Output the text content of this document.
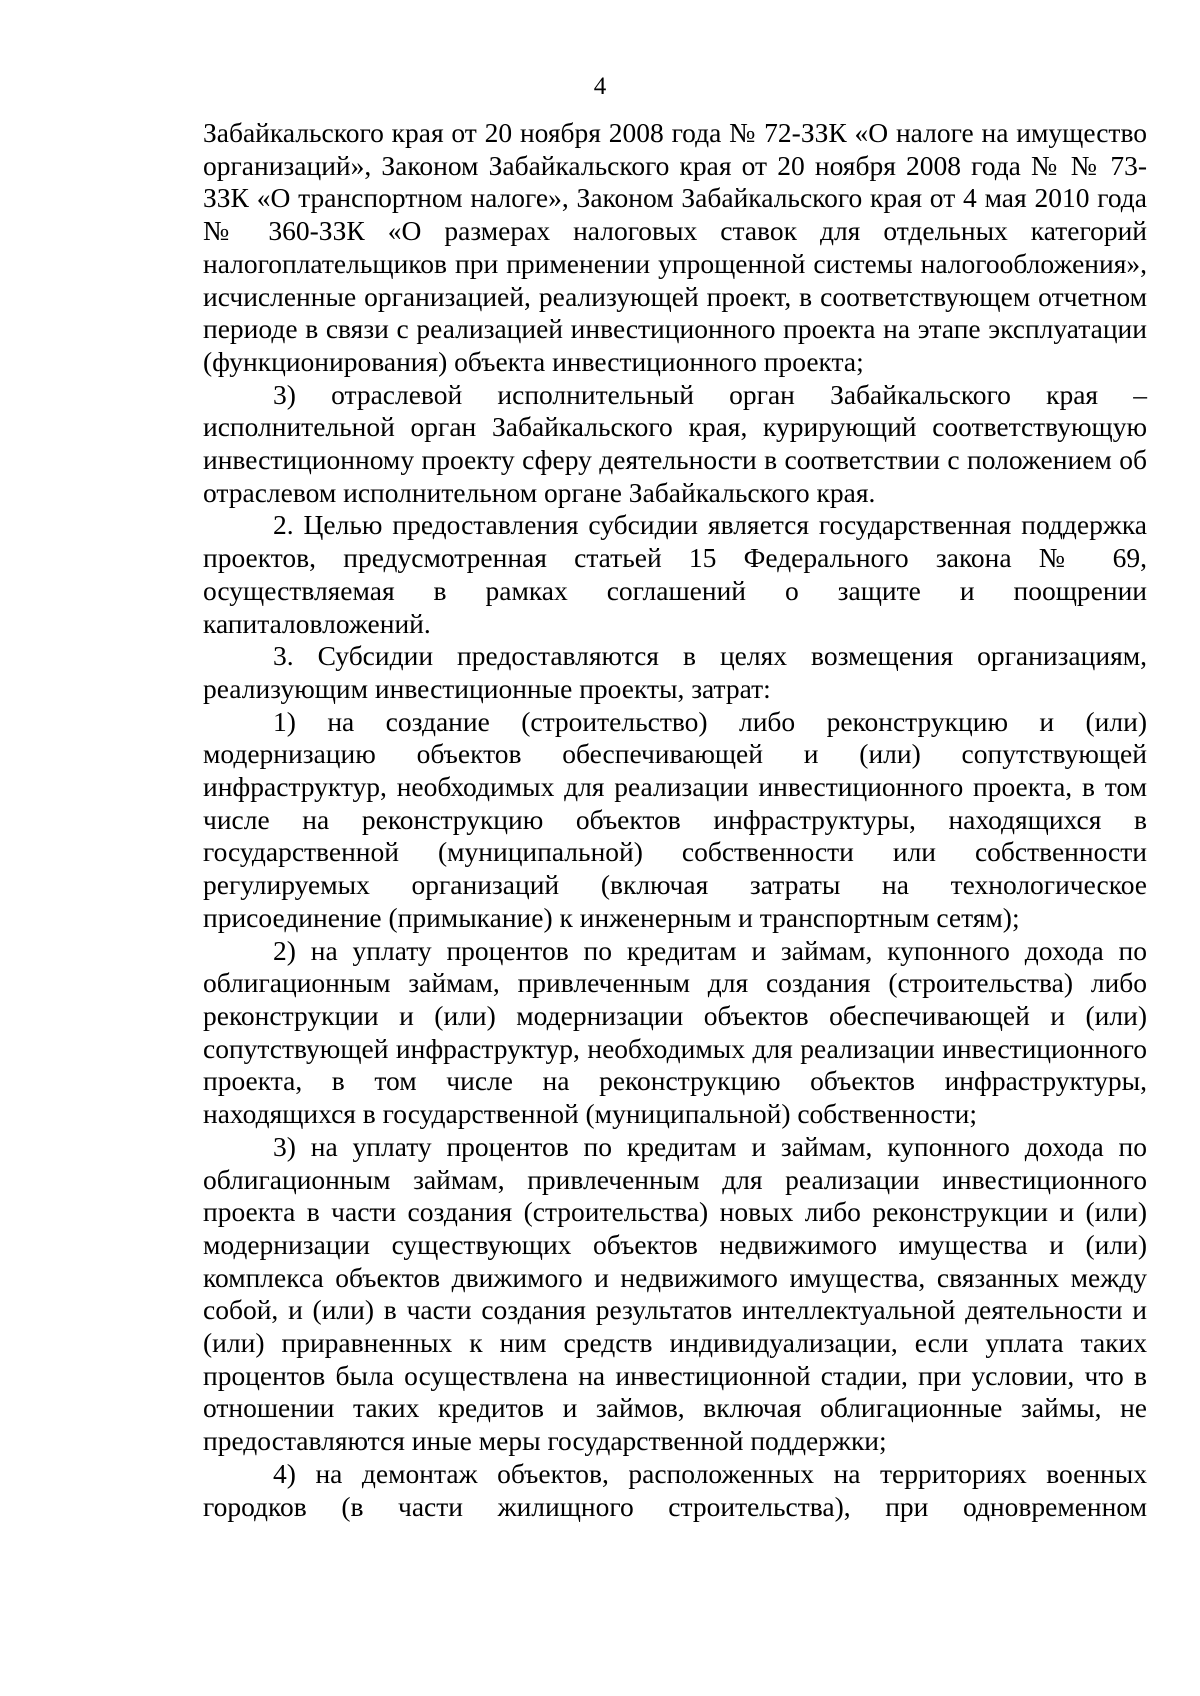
4

Забайкальского края от 20 ноября 2008 года № 72-ЗЗК «О налоге на имущество организаций», Законом Забайкальского края от 20 ноября 2008 года № № 73-ЗЗК «О транспортном налоге», Законом Забайкальского края от 4 мая 2010 года № 360-ЗЗК «О размерах налоговых ставок для отдельных категорий налогоплательщиков при применении упрощенной системы налогообложения», исчисленные организацией, реализующей проект, в соответствующем отчетном периоде в связи с реализацией инвестиционного проекта на этапе эксплуатации (функционирования) объекта инвестиционного проекта;

3) отраслевой исполнительный орган Забайкальского края – исполнительной орган Забайкальского края, курирующий соответствующую инвестиционному проекту сферу деятельности в соответствии с положением об отраслевом исполнительном органе Забайкальского края.

2. Целью предоставления субсидии является государственная поддержка проектов, предусмотренная статьей 15 Федерального закона № 69, осуществляемая в рамках соглашений о защите и поощрении капиталовложений.

3. Субсидии предоставляются в целях возмещения организациям, реализующим инвестиционные проекты, затрат:

1) на создание (строительство) либо реконструкцию и (или) модернизацию объектов обеспечивающей и (или) сопутствующей инфраструктур, необходимых для реализации инвестиционного проекта, в том числе на реконструкцию объектов инфраструктуры, находящихся в государственной (муниципальной) собственности или собственности регулируемых организаций (включая затраты на технологическое присоединение (примыкание) к инженерным и транспортным сетям);

2) на уплату процентов по кредитам и займам, купонного дохода по облигационным займам, привлеченным для создания (строительства) либо реконструкции и (или) модернизации объектов обеспечивающей и (или) сопутствующей инфраструктур, необходимых для реализации инвестиционного проекта, в том числе на реконструкцию объектов инфраструктуры, находящихся в государственной (муниципальной) собственности;

3) на уплату процентов по кредитам и займам, купонного дохода по облигационным займам, привлеченным для реализации инвестиционного проекта в части создания (строительства) новых либо реконструкции и (или) модернизации существующих объектов недвижимого имущества и (или) комплекса объектов движимого и недвижимого имущества, связанных между собой, и (или) в части создания результатов интеллектуальной деятельности и (или) приравненных к ним средств индивидуализации, если уплата таких процентов была осуществлена на инвестиционной стадии, при условии, что в отношении таких кредитов и займов, включая облигационные займы, не предоставляются иные меры государственной поддержки;

4) на демонтаж объектов, расположенных на территориях военных городков (в части жилищного строительства), при одновременном
